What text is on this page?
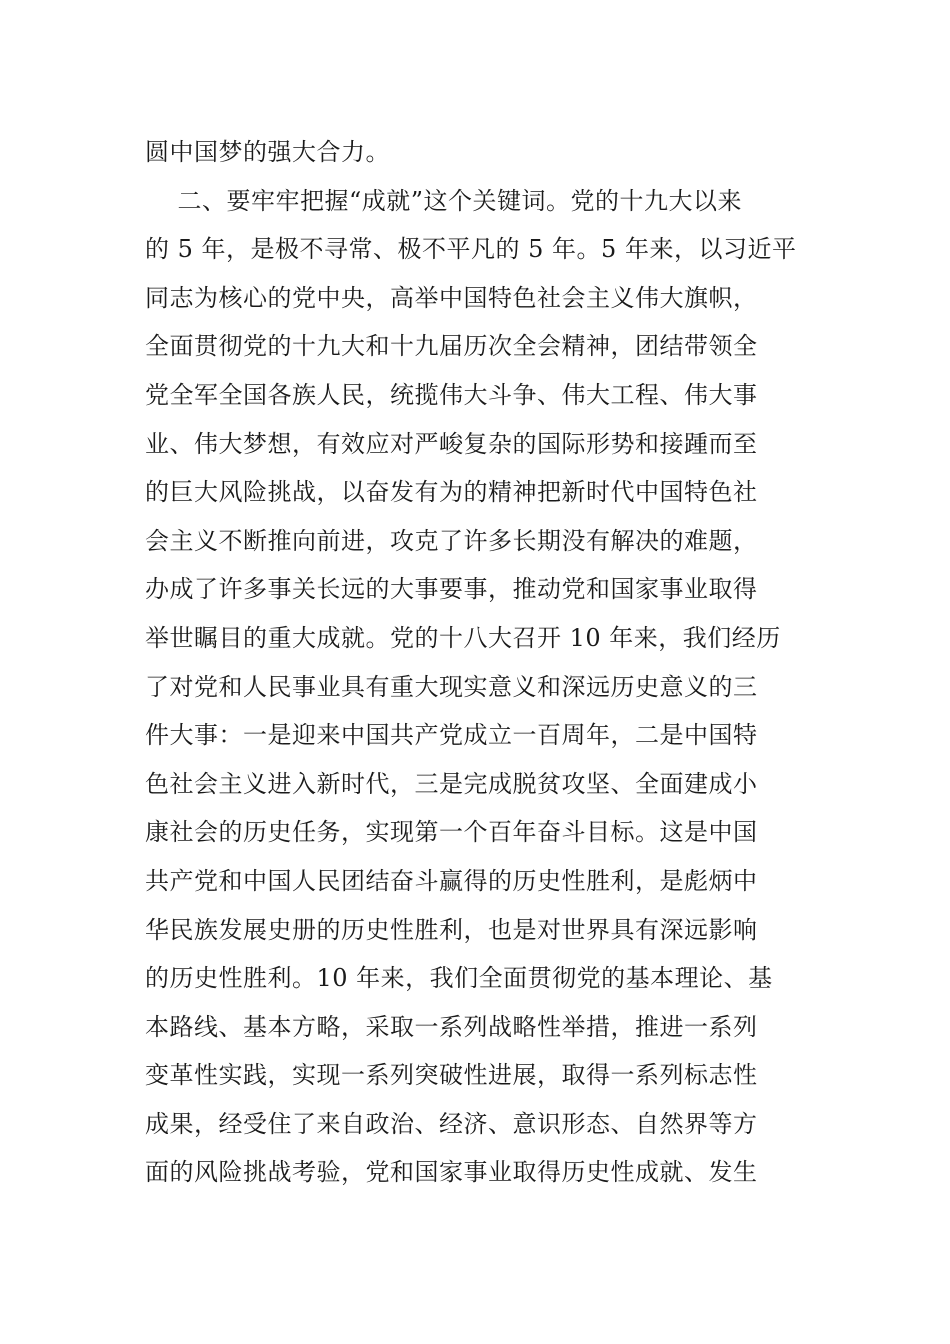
圆中国梦的强大合力。
二、要牢牢把握“成就”这个关键词。党的十九大以来
的 5 年，是极不寻常、极不平凡的 5 年。5 年来，以习近平
同志为核心的党中央，高举中国特色社会主义伟大旗帜，
全面贯彻党的十九大和十九届历次全会精神，团结带领全
党全军全国各族人民，统揽伟大斗争、伟大工程、伟大事
业、伟大梦想，有效应对严峻复杂的国际形势和接踵而至
的巨大风险挑战，以奋发有为的精神把新时代中国特色社
会主义不断推向前进，攻克了许多长期没有解决的难题，
办成了许多事关长远的大事要事，推动党和国家事业取得
举世瞩目的重大成就。党的十八大召开 10 年来，我们经历
了对党和人民事业具有重大现实意义和深远历史意义的三
件大事：一是迎来中国共产党成立一百周年，二是中国特
色社会主义进入新时代，三是完成脱贫攻坚、全面建成小
康社会的历史任务，实现第一个百年奋斗目标。这是中国
共产党和中国人民团结奋斗赢得的历史性胜利，是彪炳中
华民族发展史册的历史性胜利，也是对世界具有深远影响
的历史性胜利。10 年来，我们全面贯彻党的基本理论、基
本路线、基本方略，采取一系列战略性举措，推进一系列
变革性实践，实现一系列突破性进展，取得一系列标志性
成果，经受住了来自政治、经济、意识形态、自然界等方
面的风险挑战考验，党和国家事业取得历史性成就、发生
